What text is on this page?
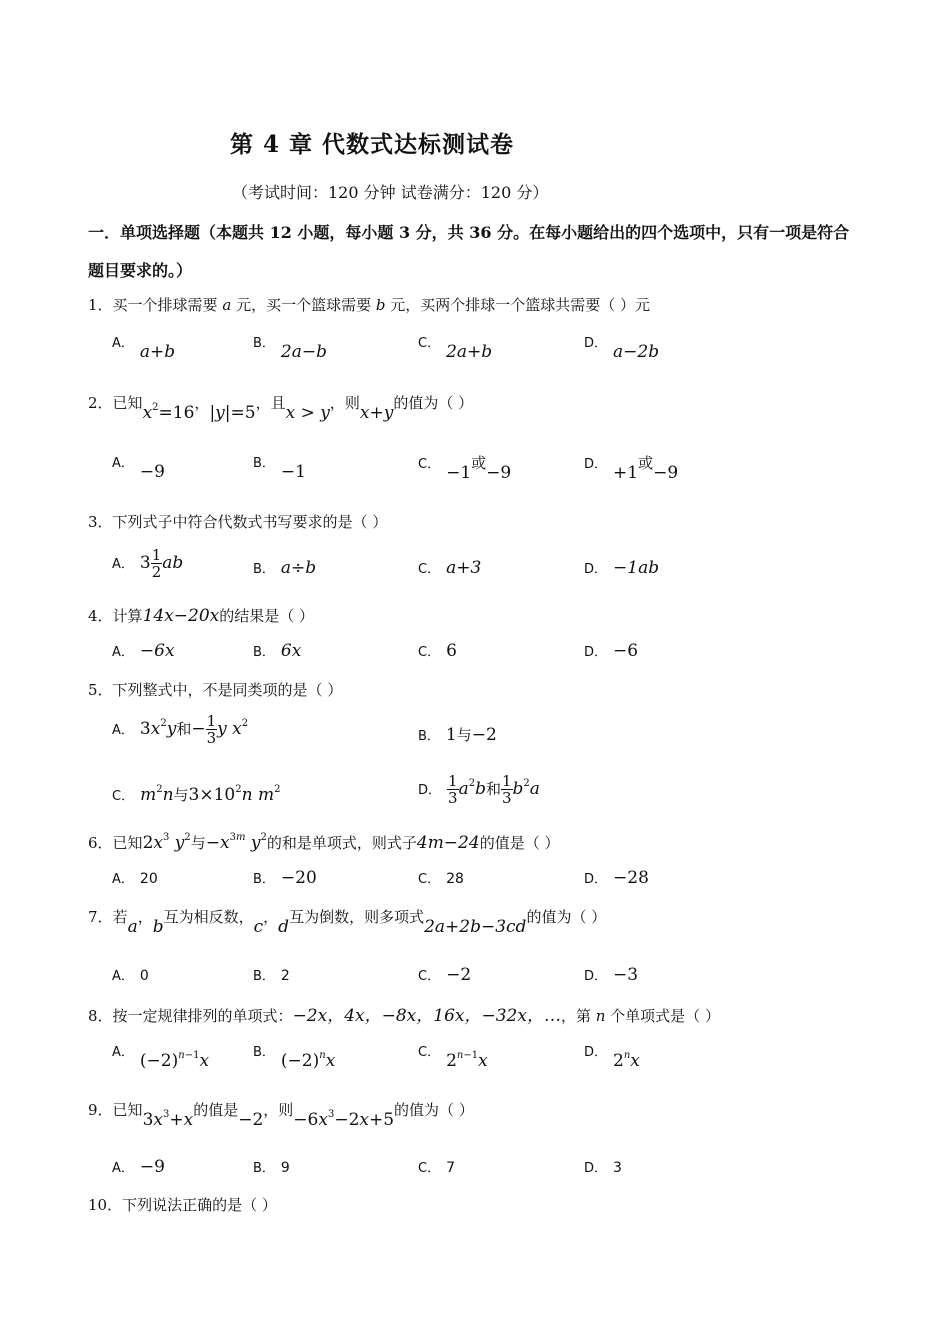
第 4 章 代数式达标测试卷
（考试时间：120 分钟 试卷满分：120 分）
一．单项选择题（本题共 12 小题，每小题 3 分，共 36 分。在每小题给出的四个选项中，只有一项是符合
题目要求的。）
1．买一个排球需要 a 元，买一个篮球需要 b 元，买两个排球一个篮球共需要（ ）元
A． a+b	B． 2a−b	C． 2a+b	D． a−2b
2．已知$x^2=16$，|y|=5，且x > y，则x+y的值为（ ）
A． −9	B． −1	C． −1或−9	D． +1或−9
3．下列式子中符合代数式书写要求的是（ ）
A． $3 \frac{1}{2}$ ab	B． a÷b	C． a+3	D． −1ab
4．计算14x−20x的结果是（ ）
A． −6x	B． 6x	C． 6	D． −6
5．下列整式中，不是同类项的是（ ）
A． $3x^2y$和− $\frac{1}{3}$ y $x^2$
B． 1与−2
C． $m^2n$与$3\times 10^2n$ $m^2$	D． $\frac{1}{3} a^2b$和 $\frac{1}{3} b^2a$
6．已知$2x^3$ $y^2$与$-x^{3m}$ $y^2$的和是单项式，则式子4m−24的值是（ ）
A． 20	B． −20	C． 28	D． −28
7．若a，b互为相反数，c，d互为倒数，则多项式2a+2b−3cd的值为（ ）
A． 0	B． 2	C． −2	D． −3
8．按一定规律排列的单项式：−2x，4x，−8x，16x，−32x，…，第 n 个单项式是（ ）
A． $(-2)^{n-1}x$	B． $(-2)^nx$	C． $2^{n-1}x$	D． 2$^n$x
9．已知$3x^3+x$的值是−2，则$-6x^3-2x+5$的值为（ ）
A． −9	B． 9	C． 7	D． 3
10．下列说法正确的是（ ）
